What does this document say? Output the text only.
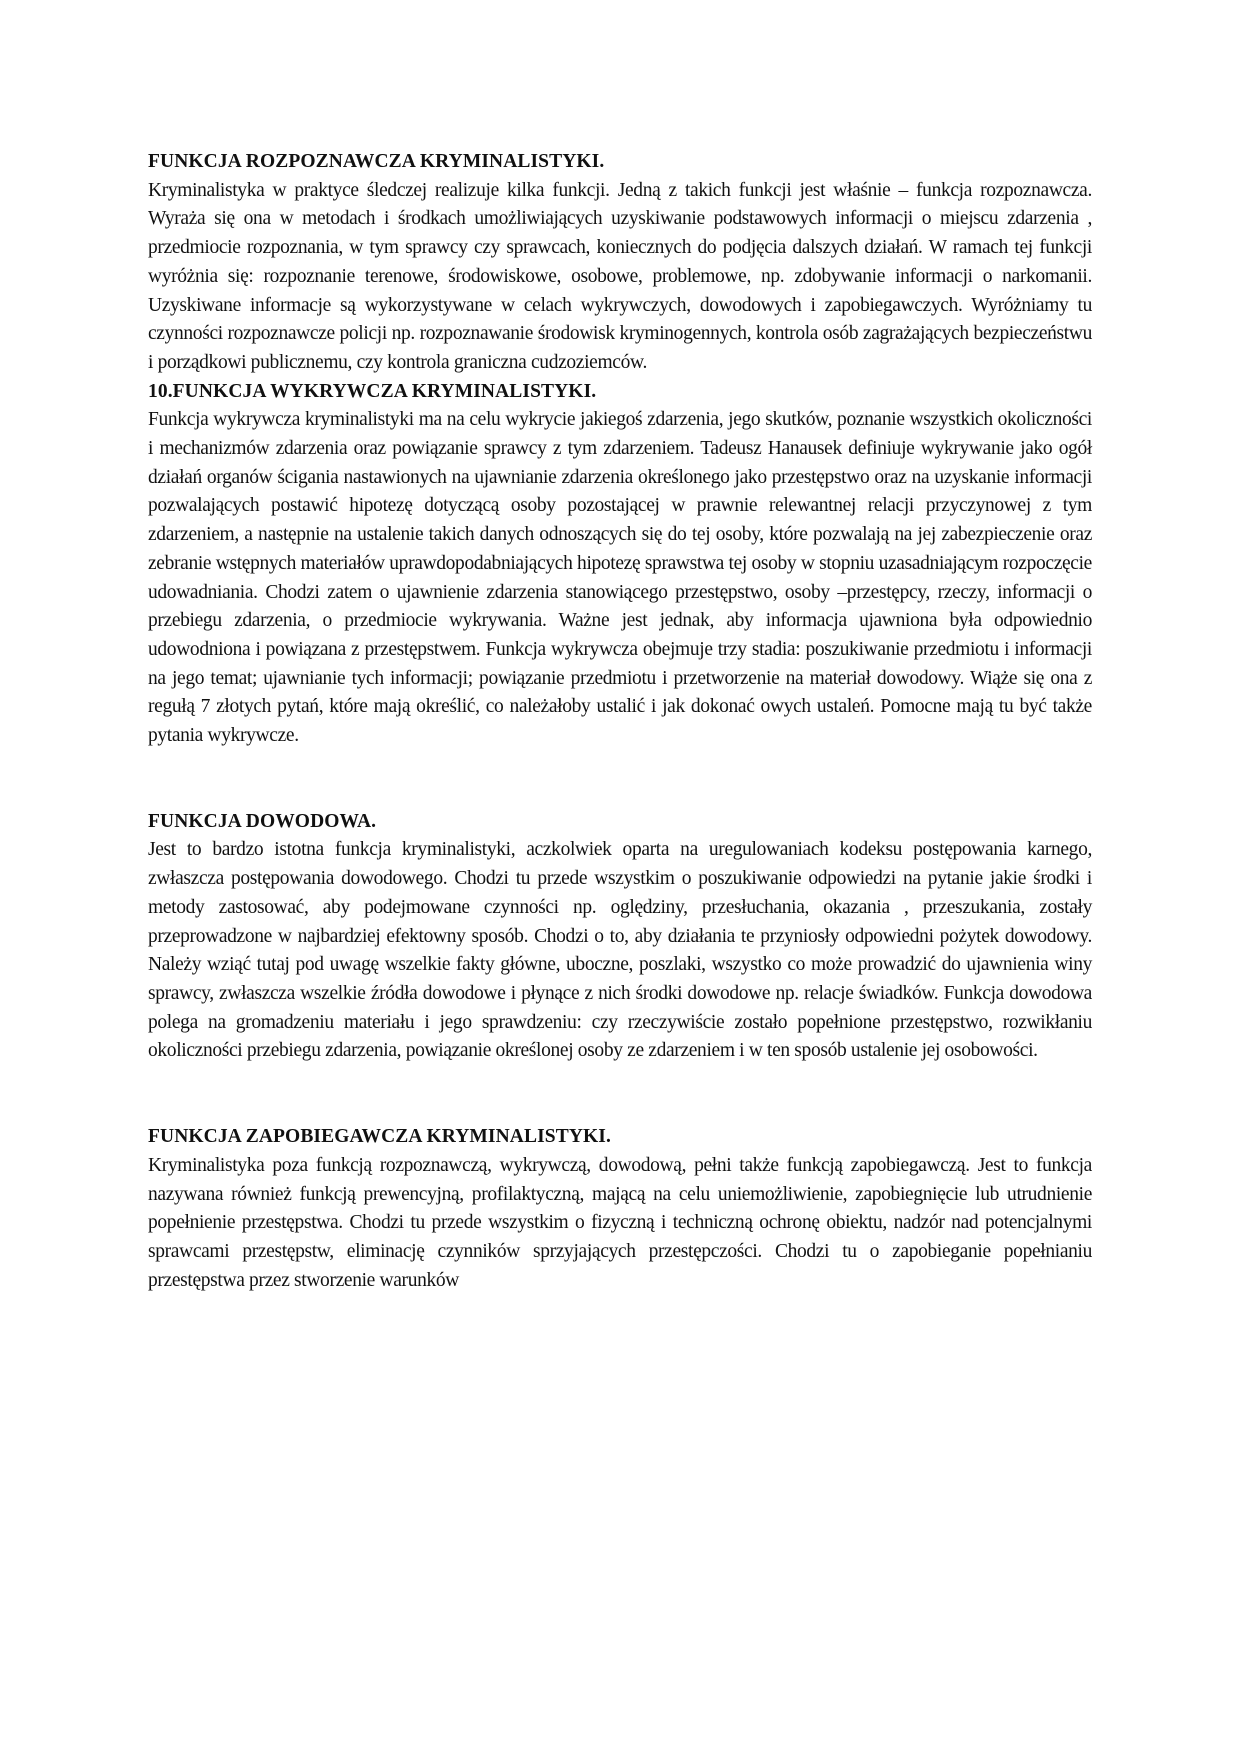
FUNKCJA ROZPOZNAWCZA KRYMINALISTYKI.

Kryminalistyka w praktyce śledczej realizuje kilka funkcji. Jedną z takich funkcji jest właśnie – funkcja rozpoznawcza. Wyraża się ona w metodach i środkach umożliwiających uzyskiwanie podstawowych informacji o miejscu zdarzenia , przedmiocie rozpoznania, w tym sprawcy czy sprawcach, koniecznych do podjęcia dalszych działań. W ramach tej funkcji wyróżnia się: rozpoznanie terenowe, środowiskowe, osobowe, problemowe, np. zdobywanie informacji o narkomanii. Uzyskiwane informacje są wykorzystywane w celach wykrywczych, dowodowych i zapobiegawczych. Wyróżniamy tu czynności rozpoznawcze policji np. rozpoznawanie środowisk kryminogennych, kontrola osób zagrażających bezpieczeństwu i porządkowi publicznemu, czy kontrola graniczna cudzoziemców.

10.FUNKCJA WYKRYWCZA KRYMINALISTYKI.

Funkcja wykrywcza kryminalistyki ma na celu wykrycie jakiegoś zdarzenia, jego skutków, poznanie wszystkich okoliczności i mechanizmów zdarzenia oraz powiązanie sprawcy z tym zdarzeniem. Tadeusz Hanausek definiuje wykrywanie jako ogół działań organów ścigania nastawionych na ujawnianie zdarzenia określonego jako przestępstwo oraz na uzyskanie informacji pozwalających postawić hipotezę dotyczącą osoby pozostającej w prawnie relewantnej relacji przyczynowej z tym zdarzeniem, a następnie na ustalenie takich danych odnoszących się do tej osoby, które pozwalają na jej zabezpieczenie oraz zebranie wstępnych materiałów uprawdopodabniających hipotezę sprawstwa tej osoby w stopniu uzasadniającym rozpoczęcie udowadniania. Chodzi zatem o ujawnienie zdarzenia stanowiącego przestępstwo, osoby –przestępcy, rzeczy, informacji o przebiegu zdarzenia, o przedmiocie wykrywania. Ważne jest jednak, aby informacja ujawniona była odpowiednio udowodniona i powiązana z przestępstwem. Funkcja wykrywcza obejmuje trzy stadia: poszukiwanie przedmiotu i informacji na jego temat; ujawnianie tych informacji; powiązanie przedmiotu i przetworzenie na materiał dowodowy. Wiąże się ona z regułą 7 złotych pytań, które mają określić, co należałoby ustalić i jak dokonać owych ustaleń. Pomocne mają tu być także pytania wykrywcze.

FUNKCJA DOWODOWA.

Jest to bardzo istotna funkcja kryminalistyki, aczkolwiek oparta na uregulowaniach kodeksu postępowania karnego, zwłaszcza postępowania dowodowego. Chodzi tu przede wszystkim o poszukiwanie odpowiedzi na pytanie jakie środki i metody zastosować, aby podejmowane czynności np. oględziny, przesłuchania, okazania , przeszukania, zostały przeprowadzone w najbardziej efektowny sposób. Chodzi o to, aby działania te przyniosły odpowiedni pożytek dowodowy. Należy wziąć tutaj pod uwagę wszelkie fakty główne, uboczne, poszlaki, wszystko co może prowadzić do ujawnienia winy sprawcy, zwłaszcza wszelkie źródła dowodowe i płynące z nich środki dowodowe np. relacje świadków. Funkcja dowodowa polega na gromadzeniu materiału i jego sprawdzeniu: czy rzeczywiście zostało popełnione przestępstwo, rozwikłaniu okoliczności przebiegu zdarzenia, powiązanie określonej osoby ze zdarzeniem i w ten sposób ustalenie jej osobowości.

FUNKCJA ZAPOBIEGAWCZA KRYMINALISTYKI.

Kryminalistyka poza funkcją rozpoznawczą, wykrywczą, dowodową, pełni także funkcją zapobiegawczą. Jest to funkcja nazywana również funkcją prewencyjną, profilaktyczną, mającą na celu uniemożliwienie, zapobiegnięcie lub utrudnienie popełnienie przestępstwa. Chodzi tu przede wszystkim o fizyczną i techniczną ochronę obiektu, nadzór nad potencjalnymi sprawcami przestępstw, eliminację czynników sprzyjających przestępczości. Chodzi tu o zapobieganie popełnianiu przestępstwa przez stworzenie warunków
